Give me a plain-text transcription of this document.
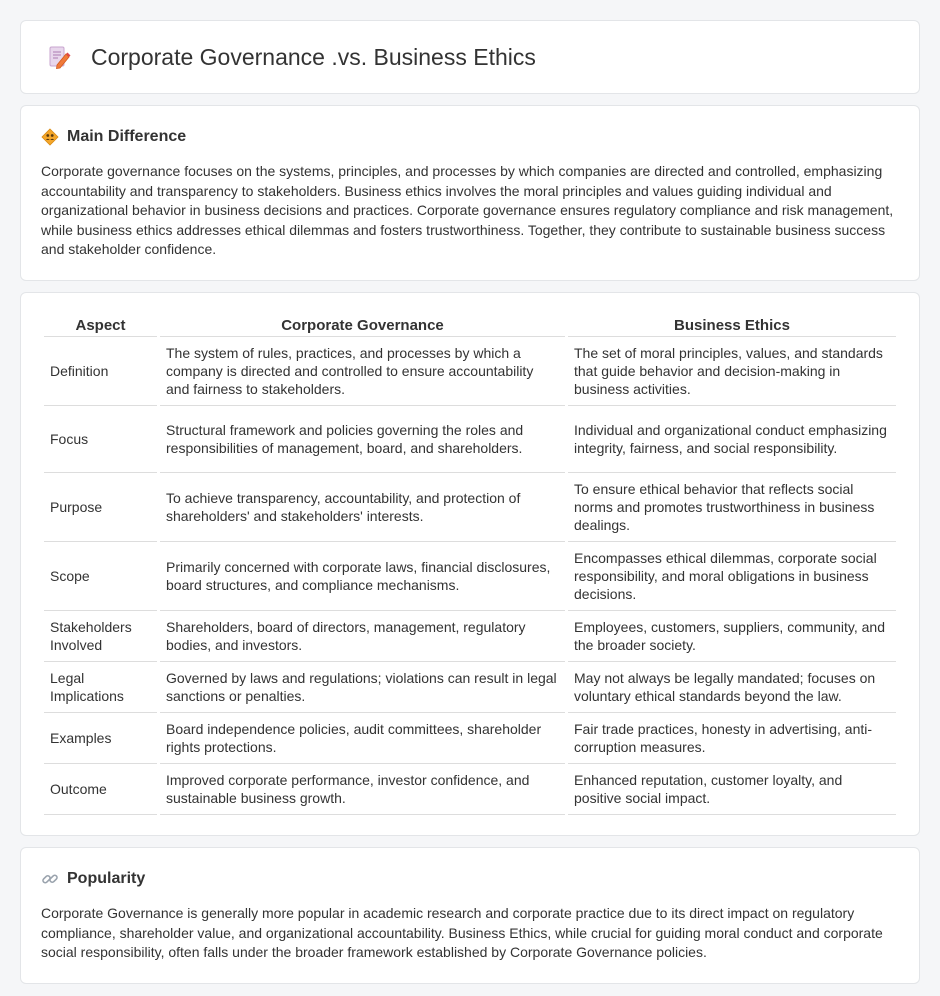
Corporate Governance .vs. Business Ethics
Main Difference

Corporate governance focuses on the systems, principles, and processes by which companies are directed and controlled, emphasizing accountability and transparency to stakeholders. Business ethics involves the moral principles and values guiding individual and organizational behavior in business decisions and practices. Corporate governance ensures regulatory compliance and risk management, while business ethics addresses ethical dilemmas and fosters trustworthiness. Together, they contribute to sustainable business success and stakeholder confidence.

Aspect	Corporate Governance	Business Ethics
Definition	The system of rules, practices, and processes by which a company is directed and controlled to ensure accountability and fairness to stakeholders.	The set of moral principles, values, and standards that guide behavior and decision-making in business activities.
Focus	Structural framework and policies governing the roles and responsibilities of management, board, and shareholders.	Individual and organizational conduct emphasizing integrity, fairness, and social responsibility.
Purpose	To achieve transparency, accountability, and protection of shareholders' and stakeholders' interests.	To ensure ethical behavior that reflects social norms and promotes trustworthiness in business dealings.
Scope	Primarily concerned with corporate laws, financial disclosures, board structures, and compliance mechanisms.	Encompasses ethical dilemmas, corporate social responsibility, and moral obligations in business decisions.
Stakeholders Involved	Shareholders, board of directors, management, regulatory bodies, and investors.	Employees, customers, suppliers, community, and the broader society.
Legal Implications	Governed by laws and regulations; violations can result in legal sanctions or penalties.	May not always be legally mandated; focuses on voluntary ethical standards beyond the law.
Examples	Board independence policies, audit committees, shareholder rights protections.	Fair trade practices, honesty in advertising, anti-corruption measures.
Outcome	Improved corporate performance, investor confidence, and sustainable business growth.	Enhanced reputation, customer loyalty, and positive social impact.
Popularity

Corporate Governance is generally more popular in academic research and corporate practice due to its direct impact on regulatory compliance, shareholder value, and organizational accountability. Business Ethics, while crucial for guiding moral conduct and corporate social responsibility, often falls under the broader framework established by Corporate Governance policies.
